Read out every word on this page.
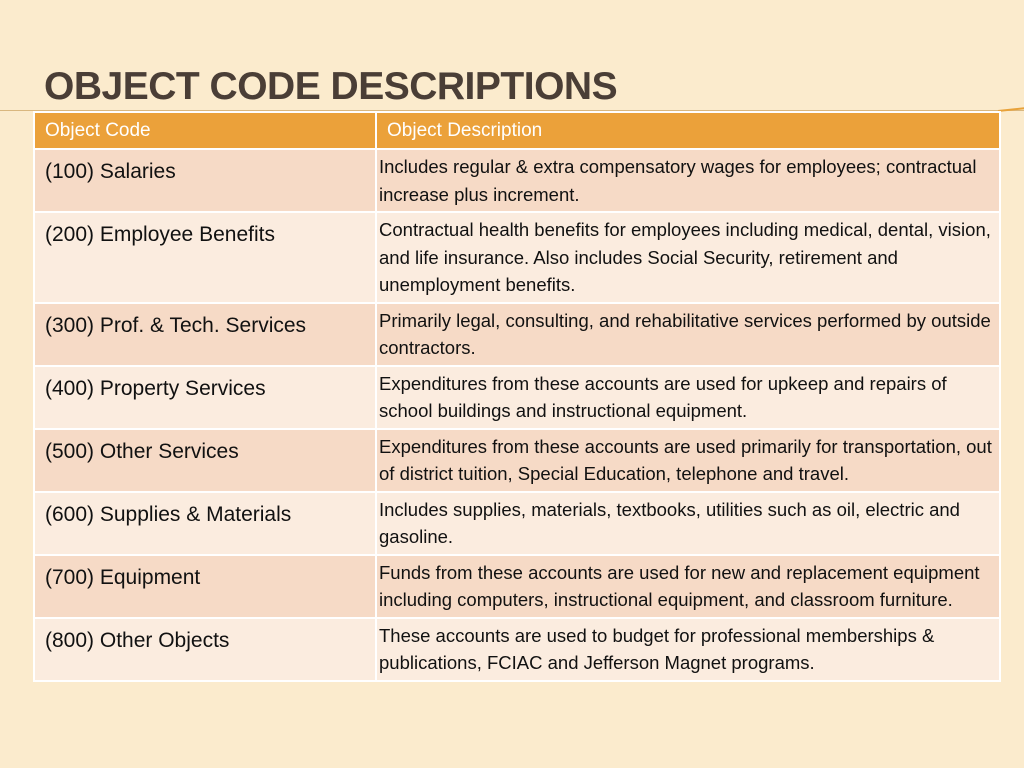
OBJECT CODE DESCRIPTIONS
Object Code	Object Description
(100) Salaries	Includes regular & extra compensatory wages for employees; contractual increase plus increment.
(200) Employee Benefits	Contractual health benefits for employees including medical, dental, vision, and life insurance. Also includes Social Security, retirement and unemployment benefits.
(300) Prof. & Tech. Services	Primarily legal, consulting, and rehabilitative services performed by outside contractors.
(400) Property Services	Expenditures from these accounts are used for upkeep and repairs of school buildings and instructional equipment.
(500) Other Services	Expenditures from these accounts are used primarily for transportation, out of district tuition, Special Education, telephone and travel.
(600) Supplies & Materials	Includes supplies, materials, textbooks, utilities such as oil, electric and gasoline.
(700) Equipment	Funds from these accounts are used for new and replacement equipment including computers, instructional equipment, and classroom furniture.
(800) Other Objects	These accounts are used to budget for professional memberships & publications, FCIAC and Jefferson Magnet programs.
